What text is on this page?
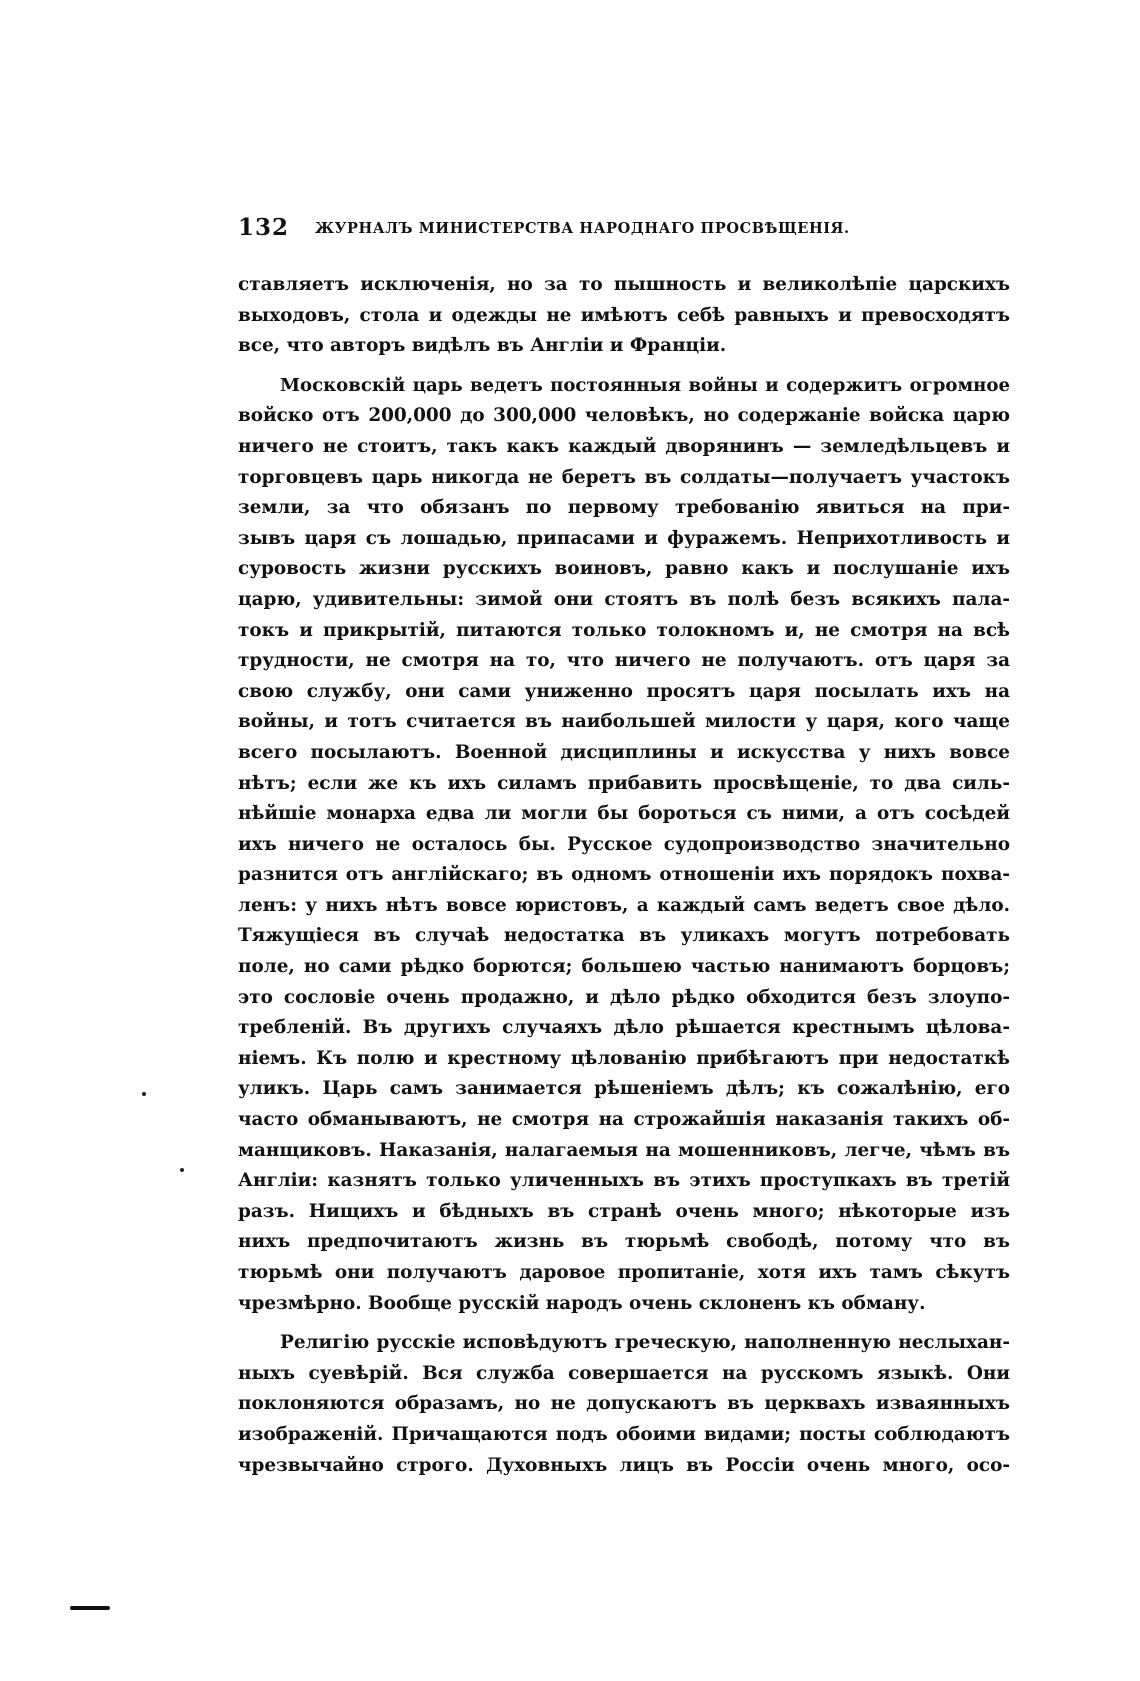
132 ЖУРНАЛЪ МИНИСТЕРСТВА НАРОДНАГО ПРОСВѢЩЕНІЯ.
ставляетъ исключенія, но за то пышность и великолѣпіе царскихъ
выходовъ, стола и одежды не имѣютъ себѣ равныхъ и превосходятъ
все, что авторъ видѣлъ въ Англіи и Франціи.
Московскій царь ведетъ постоянныя войны и содержитъ огромное
войско отъ 200,000 до 300,000 человѣкъ, но содержаніе войска царю
ничего не стоитъ, такъ какъ каждый дворянинъ — земледѣльцевъ и
торговцевъ царь никогда не беретъ въ солдаты—получаетъ участокъ
земли, за что обязанъ по первому требованію явиться на при-
зывъ царя съ лошадью, припасами и фуражемъ. Неприхотливость и
суровость жизни русскихъ воиновъ, равно какъ и послушаніе ихъ
царю, удивительны: зимой они стоятъ въ полѣ безъ всякихъ пала-
токъ и прикрытій, питаются только толокномъ и, не смотря на всѣ
трудности, не смотря на то, что ничего не получаютъ. отъ царя за
свою службу, они сами униженно просятъ царя посылать ихъ на
войны, и тотъ считается въ наибольшей милости у царя, кого чаще
всего посылаютъ. Военной дисциплины и искусства у нихъ вовсе
нѣтъ; если же къ ихъ силамъ прибавить просвѣщеніе, то два силь-
нѣйшіе монарха едва ли могли бы бороться съ ними, а отъ сосѣдей
ихъ ничего не осталось бы. Русское судопроизводство значительно
разнится отъ англійскаго; въ одномъ отношеніи ихъ порядокъ похва-
ленъ: у нихъ нѣтъ вовсе юристовъ, а каждый самъ ведетъ свое дѣло.
Тяжущіеся въ случаѣ недостатка въ уликахъ могутъ потребовать
поле, но сами рѣдко борются; большею частью нанимаютъ борцовъ;
это сословіе очень продажно, и дѣло рѣдко обходится безъ злоупо-
требленій. Въ другихъ случаяхъ дѣло рѣшается крестнымъ цѣлова-
ніемъ. Къ полю и крестному цѣлованію прибѣгаютъ при недостаткѣ
уликъ. Царь самъ занимается рѣшеніемъ дѣлъ; къ сожалѣнію, его
часто обманываютъ, не смотря на строжайшія наказанія такихъ об-
манщиковъ. Наказанія, налагаемыя на мошенниковъ, легче, чѣмъ въ
Англіи: казнятъ только уличенныхъ въ этихъ проступкахъ въ третій
разъ. Нищихъ и бѣдныхъ въ странѣ очень много; нѣкоторые изъ
нихъ предпочитаютъ жизнь въ тюрьмѣ свободѣ, потому что въ
тюрьмѣ они получаютъ даровое пропитаніе, хотя ихъ тамъ сѣкутъ
чрезмѣрно. Вообще русскій народъ очень склоненъ къ обману.
Религію русскіе исповѣдуютъ греческую, наполненную неслыхан-
ныхъ суевѣрій. Вся служба совершается на русскомъ языкѣ. Они
поклоняются образамъ, но не допускаютъ въ церквахъ изваянныхъ
изображеній. Причащаются подъ обоими видами; посты соблюдаютъ
чрезвычайно строго. Духовныхъ лицъ въ Россіи очень много, осо-
